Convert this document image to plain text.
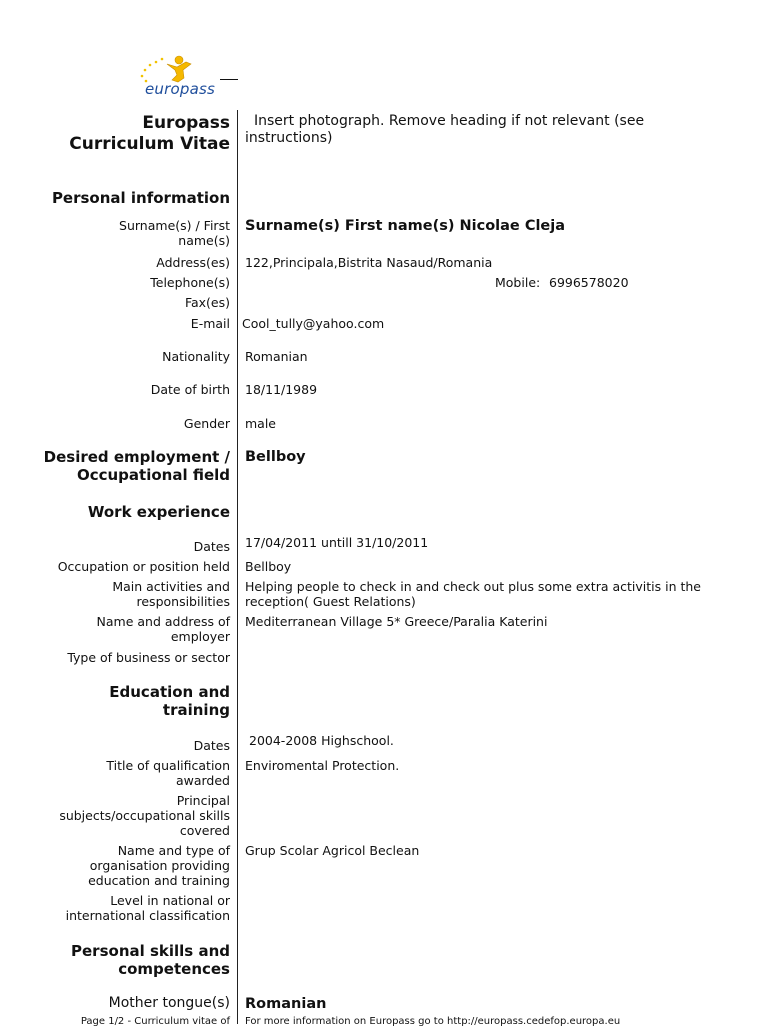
europass
Europass
Curriculum Vitae
Insert photograph. Remove heading if not relevant (see instructions)
Personal information
Surname(s) / First name(s)
Surname(s) First name(s) Nicolae Cleja
Address(es) 122,Principala,Bistrita Nasaud/Romania
Telephone(s)	Mobile: 6996578020
Fax(es)
E-mail Cool_tully@yahoo.com
Nationality Romanian
Date of birth 18/11/1989
Gender male
Desired employment / Occupational field
Bellboy
Work experience
Dates 17/04/2011 untill 31/10/2011
Occupation or position held Bellboy
Main activities and responsibilities
Helping people to check in and check out plus some extra activitis in the reception( Guest Relations)
Name and address of employer
Mediterranean Village 5* Greece/Paralia Katerini
Type of business or sector
Education and training
Dates 2004-2008 Highschool.
Title of qualification awarded
Enviromental Protection.
Principal subjects/occupational skills covered
Name and type of organisation providing education and training
Grup Scolar Agricol Beclean
Level in national or international classification
Personal skills and competences
Mother tongue(s) Romanian
Page 1/2 - Curriculum vitae of For more information on Europass go to http://europass.cedefop.europa.eu
